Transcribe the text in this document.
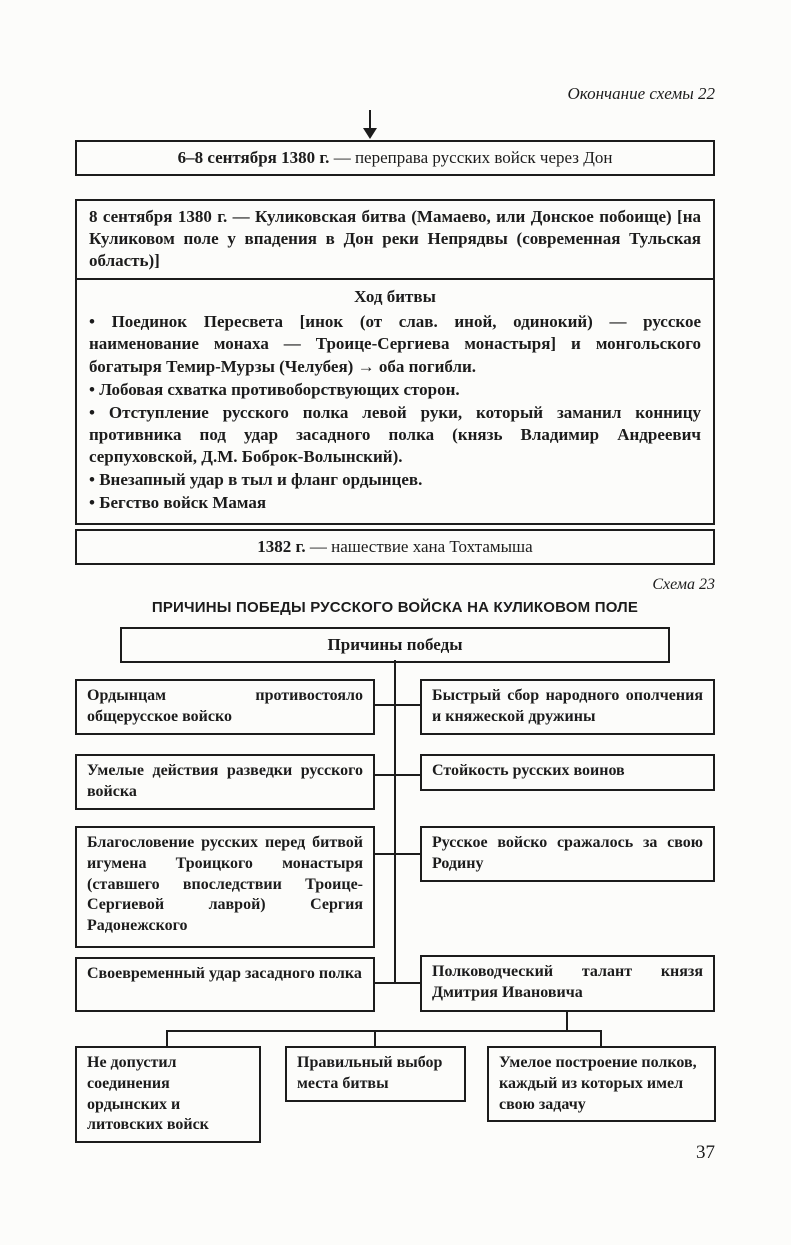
Окончание схемы 22
6–8 сентября 1380 г. — переправа русских войск через Дон
8 сентября 1380 г. — Куликовская битва (Мамаево, или Донское побоище) [на Куликовом поле у впадения в Дон реки Непрядвы (современная Тульская область)]
Ход битвы
• Поединок Пересвета [инок (от слав. иной, одинокий) — русское наименование монаха — Троице-Сергиева монастыря] и монгольского богатыря Темир-Мурзы (Челубея) → оба погибли.
• Лобовая схватка противоборствующих сторон.
• Отступление русского полка левой руки, который заманил конницу противника под удар засадного полка (князь Владимир Андреевич серпуховской, Д.М. Боброк-Волынский).
• Внезапный удар в тыл и фланг ордынцев.
• Бегство войск Мамая
1382 г. — нашествие хана Тохтамыша
Схема 23
ПРИЧИНЫ ПОБЕДЫ РУССКОГО ВОЙСКА НА КУЛИКОВОМ ПОЛЕ
Причины победы
Ордынцам противостояло общерусское войско
Умелые действия разведки русского войска
Благословение русских перед битвой игумена Троицкого монастыря (ставшего впоследствии Троице-Сергиевой лаврой) Сергия Радонежского
Своевременный удар засадного полка
Быстрый сбор народного ополчения и княжеской дружины
Стойкость русских воинов
Русское войско сражалось за свою Родину
Полководческий талант князя Дмитрия Ивановича
Не допустил соединения ордынских и литовских войск
Правильный выбор места битвы
Умелое построение полков, каждый из которых имел свою задачу
37
